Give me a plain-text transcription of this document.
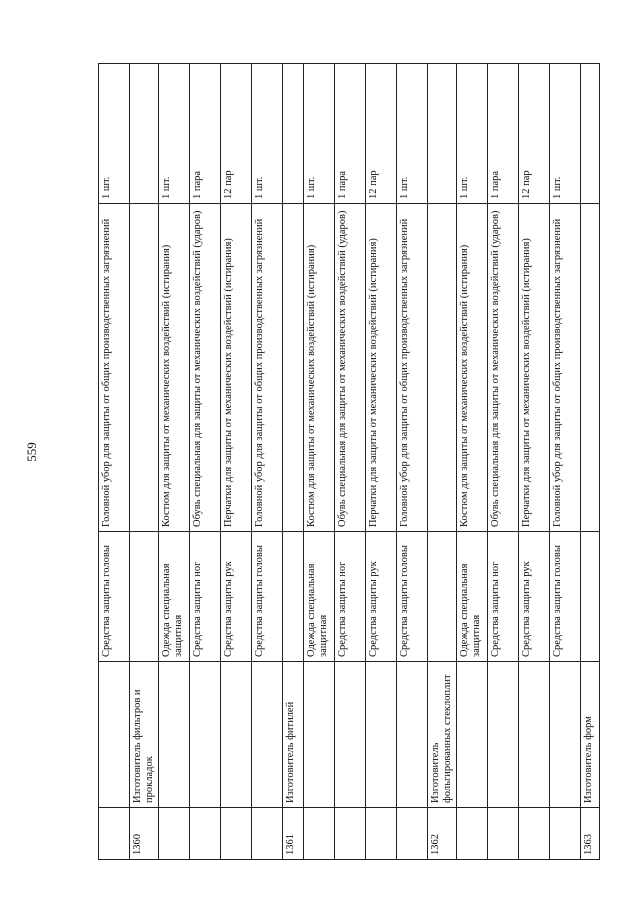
559
		Средства защиты головы	Головной убор для защиты от общих производственных загрязнений	1 шт.
1360	Изготовитель фильтров и прокладок			
		Одежда специальная защитная	Костюм для защиты от механических воздействий (истирания)	1 шт.
		Средства защиты ног	Обувь специальная для защиты от механических воздействий (ударов)	1 пара
		Средства защиты рук	Перчатки для защиты от механических воздействий (истирания)	12 пар
		Средства защиты головы	Головной убор для защиты от общих производственных загрязнений	1 шт.
1361	Изготовитель фитилей			
		Одежда специальная защитная	Костюм для защиты от механических воздействий (истирания)	1 шт.
		Средства защиты ног	Обувь специальная для защиты от механических воздействий (ударов)	1 пара
		Средства защиты рук	Перчатки для защиты от механических воздействий (истирания)	12 пар
		Средства защиты головы	Головной убор для защиты от общих производственных загрязнений	1 шт.
1362	Изготовитель фольгированных стеклоплит			
		Одежда специальная защитная	Костюм для защиты от механических воздействий (истирания)	1 шт.
		Средства защиты ног	Обувь специальная для защиты от механических воздействий (ударов)	1 пара
		Средства защиты рук	Перчатки для защиты от механических воздействий (истирания)	12 пар
		Средства защиты головы	Головной убор для защиты от общих производственных загрязнений	1 шт.
1363	Изготовитель форм			
